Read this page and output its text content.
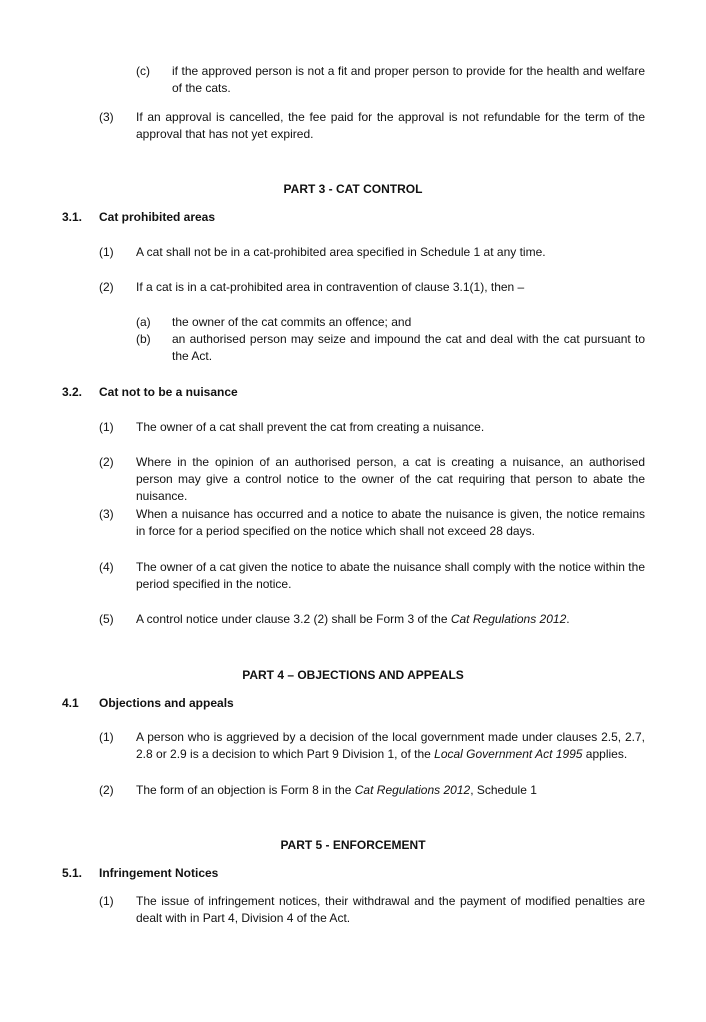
(c) if the approved person is not a fit and proper person to provide for the health and welfare of the cats.
(3) If an approval is cancelled, the fee paid for the approval is not refundable for the term of the approval that has not yet expired.
PART 3 - CAT CONTROL
3.1. Cat prohibited areas
(1) A cat shall not be in a cat-prohibited area specified in Schedule 1 at any time.
(2) If a cat is in a cat-prohibited area in contravention of clause 3.1(1), then –
(a) the owner of the cat commits an offence; and
(b) an authorised person may seize and impound the cat and deal with the cat pursuant to the Act.
3.2. Cat not to be a nuisance
(1) The owner of a cat shall prevent the cat from creating a nuisance.
(2) Where in the opinion of an authorised person, a cat is creating a nuisance, an authorised person may give a control notice to the owner of the cat requiring that person to abate the nuisance.
(3) When a nuisance has occurred and a notice to abate the nuisance is given, the notice remains in force for a period specified on the notice which shall not exceed 28 days.
(4) The owner of a cat given the notice to abate the nuisance shall comply with the notice within the period specified in the notice.
(5) A control notice under clause 3.2 (2) shall be Form 3 of the Cat Regulations 2012.
PART 4 – OBJECTIONS AND APPEALS
4.1 Objections and appeals
(1) A person who is aggrieved by a decision of the local government made under clauses 2.5, 2.7, 2.8 or 2.9 is a decision to which Part 9 Division 1, of the Local Government Act 1995 applies.
(2) The form of an objection is Form 8 in the Cat Regulations 2012, Schedule 1
PART 5 - ENFORCEMENT
5.1. Infringement Notices
(1) The issue of infringement notices, their withdrawal and the payment of modified penalties are dealt with in Part 4, Division 4 of the Act.
